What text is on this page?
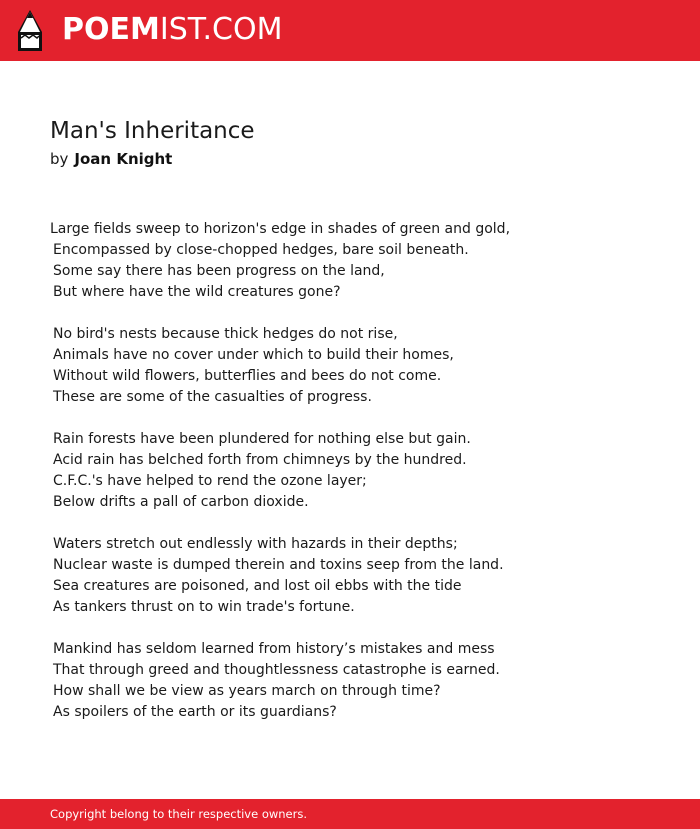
POEMIST.COM
Man's Inheritance
by Joan Knight
Large fields sweep to horizon's edge in shades of green and gold,
Encompassed by close-chopped hedges, bare soil beneath.
Some say there has been progress on the land,
But where have the wild creatures gone?
No bird's nests because thick hedges do not rise,
Animals have no cover under which to build their homes,
Without wild flowers, butterflies and bees do not come.
These are some of the casualties of progress.
Rain forests have been plundered for nothing else but gain.
Acid rain has belched forth from chimneys by the hundred.
C.F.C.'s have helped to rend the ozone layer;
Below drifts a pall of carbon dioxide.
Waters stretch out endlessly with hazards in their depths;
Nuclear waste is dumped therein and toxins seep from the land.
Sea creatures are poisoned, and lost oil ebbs with the tide
As tankers thrust on to win trade's fortune.
Mankind has seldom learned from history’s mistakes and mess
That through greed and thoughtlessness catastrophe is earned.
How shall we be view as years march on through time?
As spoilers of the earth or its guardians?
Copyright belong to their respective owners.
